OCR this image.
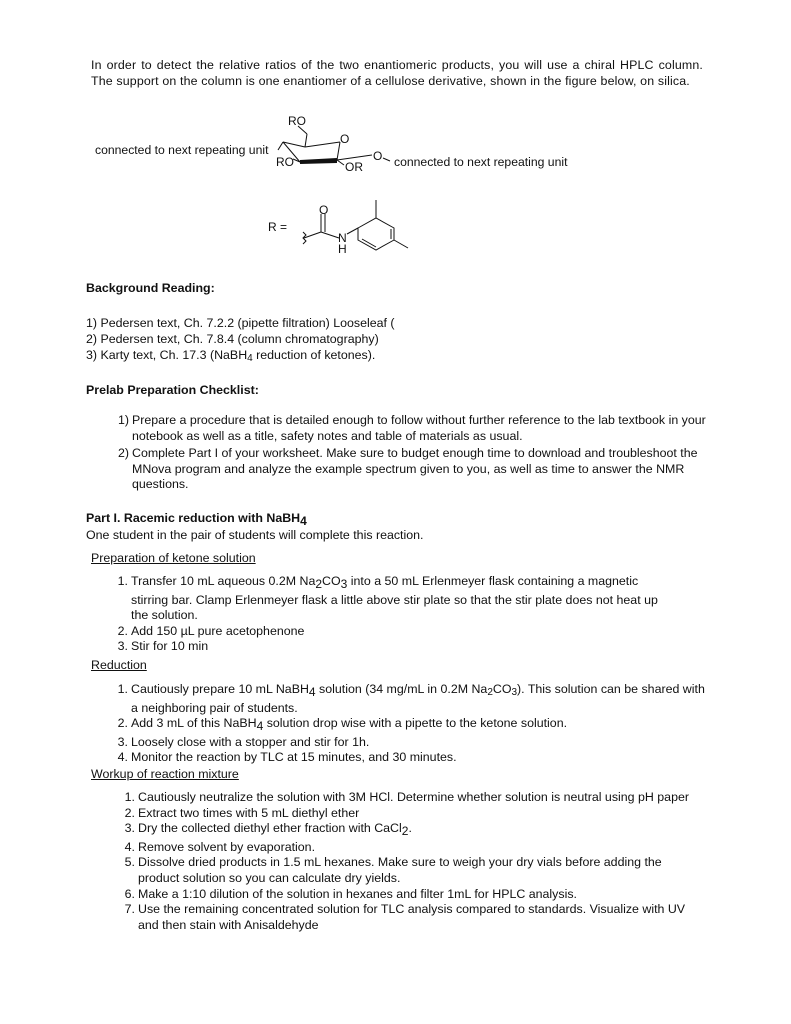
In order to detect the relative ratios of the two enantiomeric products, you will use a chiral HPLC column. The support on the column is one enantiomer of a cellulose derivative, shown in the figure below, on silica.
RO
O
RO	OR
O
connected to next repeating unit
connected to next repeating unit
R =
O
N
H
Background Reading:
1) Pedersen text, Ch. 7.2.2 (pipette filtration) Looseleaf (
2) Pedersen text, Ch. 7.8.4 (column chromatography)
3) Karty text, Ch. 17.3 (NaBH$_4$ reduction of ketones).
Prelab Preparation Checklist:
1) Prepare a procedure that is detailed enough to follow without further reference to the lab textbook in your notebook as well as a title, safety notes and table of materials as usual.
2) Complete Part I of your worksheet. Make sure to budget enough time to download and troubleshoot the MNova program and analyze the example spectrum given to you, as well as time to answer the NMR questions.
Part I. Racemic reduction with NaBH4
One student in the pair of students will complete this reaction.
Preparation of ketone solution
1. Transfer 10 mL aqueous 0.2M Na2CO3 into a 50 mL Erlenmeyer flask containing a magnetic stirring bar. Clamp Erlenmeyer flask a little above stir plate so that the stir plate does not heat up the solution.
2. Add 150 µL pure acetophenone
3. Stir for 10 min
Reduction
1. Cautiously prepare 10 mL NaBH4 solution (34 mg/mL in 0.2M $Na_2CO_3$). This solution can be shared with a neighboring pair of students.
2. Add 3 mL of this NaBH4 solution drop wise with a pipette to the ketone solution.
3. Loosely close with a stopper and stir for 1h.
4. Monitor the reaction by TLC at 15 minutes, and 30 minutes.
Workup of reaction mixture
1. Cautiously neutralize the solution with 3M HCl. Determine whether solution is neutral using pH paper
2. Extract two times with 5 mL diethyl ether
3. Dry the collected diethyl ether fraction with CaCl2.
4. Remove solvent by evaporation.
5. Dissolve dried products in 1.5 mL hexanes. Make sure to weigh your dry vials before adding the product solution so you can calculate dry yields.
6. Make a 1:10 dilution of the solution in hexanes and filter 1mL for HPLC analysis.
7. Use the remaining concentrated solution for TLC analysis compared to standards. Visualize with UV and then stain with Anisaldehyde
